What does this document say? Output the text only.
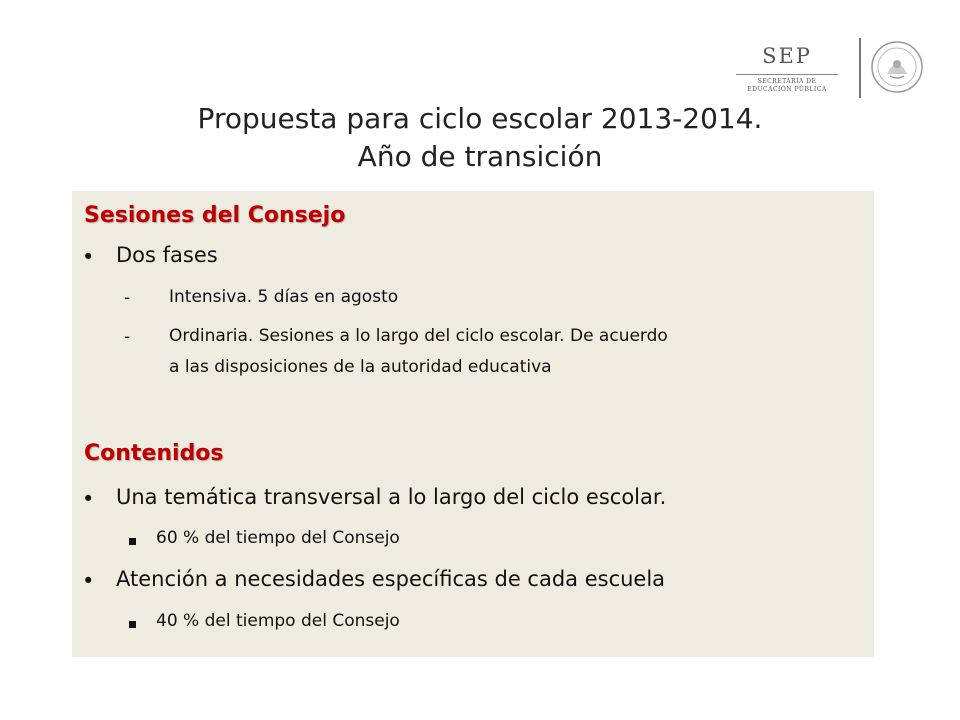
SEP
SECRETARÍA DE
EDUCACIÓN PÚBLICA
Propuesta para ciclo escolar 2013-2014.
Año de transición
Sesiones del Consejo
• Dos fases
- Intensiva. 5 días en agosto
- Ordinaria. Sesiones a lo largo del ciclo escolar. De acuerdo
a las disposiciones de la autoridad educativa
Contenidos
• Una temática transversal a lo largo del ciclo escolar.
60 % del tiempo del Consejo
• Atención a necesidades específicas de cada escuela
40 % del tiempo del Consejo
